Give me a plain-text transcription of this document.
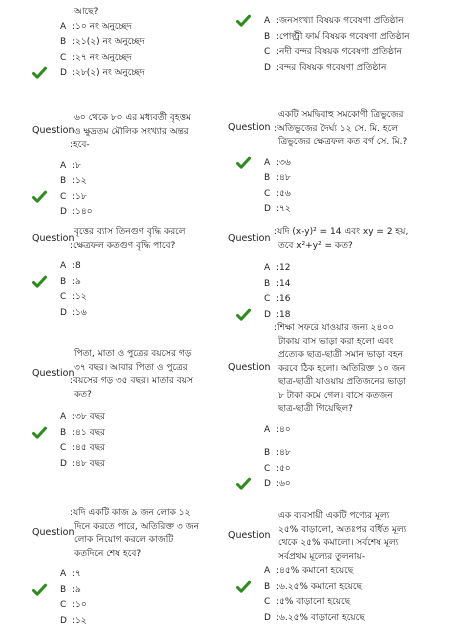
আছে?
A :১০ নং অনুচ্ছেদ
B :২১(২) নং অনুচ্ছেদ
C :২৭ নং অনুচ্ছেদ
D :২৮(২) নং অনুচ্ছেদ
Question
৬০ থেকে ৮০ এর মধ্যবর্তী বৃহত্তম
ও ক্ষুদ্রতম মৌলিক সংখ্যার অন্তর
:হবে-
A :৮
B :১২
C :১৮
D :১৪০
Question
বৃত্তের ব্যাস তিনগুণ বৃদ্ধি করলে
:ক্ষেত্রফল কতগুণ বৃদ্ধি পাবে?
A :8
B :৯
C :১২
D :১৬
Question
পিতা, মাতা ও পুত্রের বয়সের গড়
৩৭ বছর। আবার পিতা ও পুত্রের
:বয়সের গড় ৩৫ বছর। মাতার বয়স
কত?
A :৩৮ বছর
B :৪১ বছর
C :৪৫ বছর
D :৪৮ বছর
Question
:যদি একটি কাজ ৯ জন লোক ১২
দিনে করতে পারে, অতিরিক্ত ৩ জন
লোক নিয়োগ করলে কাজটি
কতদিনে শেষ হবে?
A :৭
B :৯
C :১০
D :১২
A :জনসংখ্যা বিষয়ক গবেষণা প্রতিষ্ঠান
B :পোল্ট্রী ফার্ম বিষয়ক গবেষণা প্রতিষ্ঠান
C :নদী বন্দর বিষয়ক গবেষণা প্রতিষ্ঠান
D :বন্দর বিষয়ক গবেষণা প্রতিষ্ঠান
Question
একটি সমদ্বিবাহু সমকোণী ত্রিভুজের
:অতিভুজের দৈর্ঘ্য ১২ সে. মি. হলে
ত্রিভুজের ক্ষেত্রফল কত বর্গ সে. মি.?
A :৩৬
B :৪৮
C :৫৬
D :৭২
Question
:যদি (x-y)² = 14 এবং xy = 2 হয়,
তবে x²+y² = কত?
A :12
B :14
C :16
D :18
Question
:শিক্ষা সফরে যাওয়ার জন্য ২৪০০
টাকায় বাস ভাড়া করা হলো এবং
প্রত্যেক ছাত্র-ছাত্রী সমান ভাড়া বহন
করবে ঠিক হলো। অতিরিক্ত ১০ জন
ছাত্র-ছাত্রী যাওয়ায় প্রতিজনের ভাড়া
৮ টাকা কমে গেল। বাসে কতজন
ছাত্র-ছাত্রী গিয়েছিল?
A :৪০
B :৪৮
C :৫০
D :৬০
Question
এক ব্যবসায়ী একটি পণ্যের মূল্য
২৫% বাড়ালো, অতঃপর বর্ধিত মূল্য
থেকে ২৫% কমালো। সর্বশেষ মূল্য
সর্বপ্রথম মূল্যের তুলনায়-
A :৪৫% কমানো হয়েছে
B :৬.২৫% কমানো হয়েছে
C :৫% বাড়ানো হয়েছে
D :৬.২৫% বাড়ানো হয়েছে
